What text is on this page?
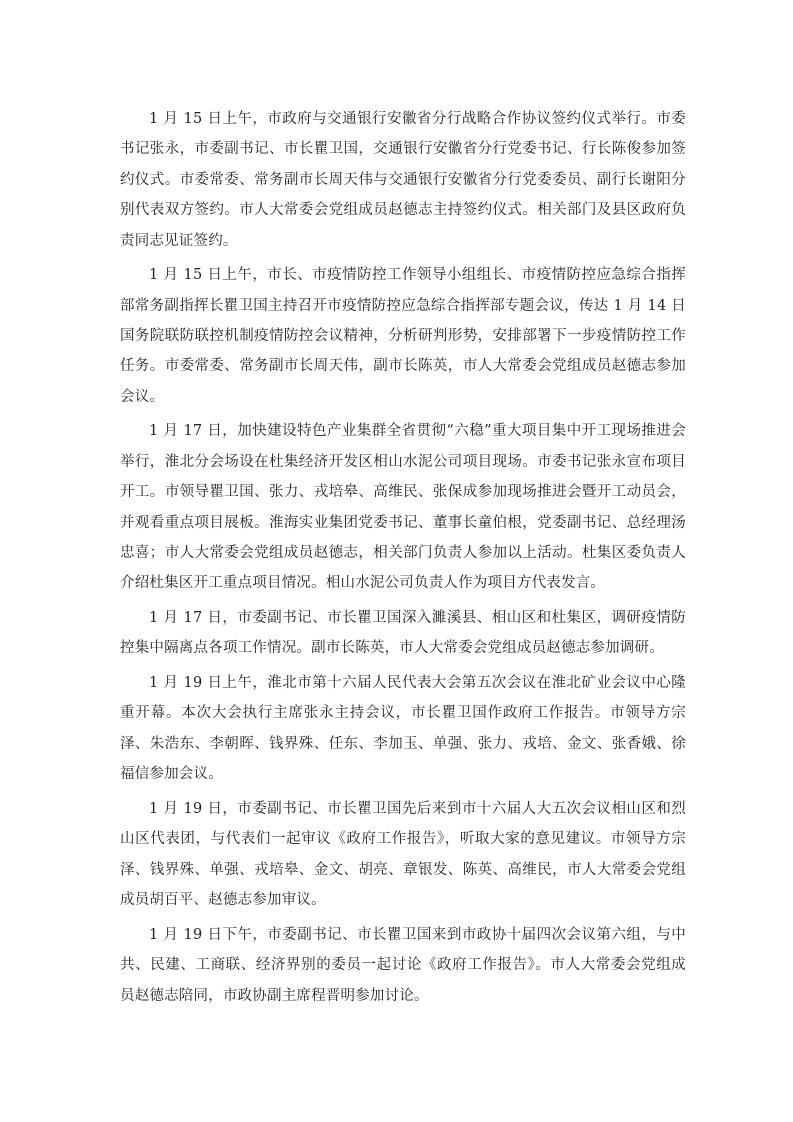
1 月 15 日上午，市政府与交通银行安徽省分行战略合作协议签约仪式举行。市委书记张永，市委副书记、市长瞿卫国，交通银行安徽省分行党委书记、行长陈俊参加签约仪式。市委常委、常务副市长周天伟与交通银行安徽省分行党委委员、副行长谢阳分别代表双方签约。市人大常委会党组成员赵德志主持签约仪式。相关部门及县区政府负责同志见证签约。

1 月 15 日上午，市长、市疫情防控工作领导小组组长、市疫情防控应急综合指挥部常务副指挥长瞿卫国主持召开市疫情防控应急综合指挥部专题会议，传达 1 月 14 日国务院联防联控机制疫情防控会议精神，分析研判形势，安排部署下一步疫情防控工作任务。市委常委、常务副市长周天伟，副市长陈英，市人大常委会党组成员赵德志参加会议。

1 月 17 日，加快建设特色产业集群全省贯彻“六稳”重大项目集中开工现场推进会举行，淮北分会场设在杜集经济开发区相山水泥公司项目现场。市委书记张永宣布项目开工。市领导瞿卫国、张力、戎培皋、高维民、张保成参加现场推进会暨开工动员会，并观看重点项目展板。淮海实业集团党委书记、董事长童伯根，党委副书记、总经理汤忠喜；市人大常委会党组成员赵德志，相关部门负责人参加以上活动。杜集区委负责人介绍杜集区开工重点项目情况。相山水泥公司负责人作为项目方代表发言。

1 月 17 日，市委副书记、市长瞿卫国深入濉溪县、相山区和杜集区，调研疫情防控集中隔离点各项工作情况。副市长陈英，市人大常委会党组成员赵德志参加调研。

1 月 19 日上午，淮北市第十六届人民代表大会第五次会议在淮北矿业会议中心隆重开幕。本次大会执行主席张永主持会议，市长瞿卫国作政府工作报告。市领导方宗泽、朱浩东、李朝晖、钱界殊、任东、李加玉、单强、张力、戎培、金文、张香娥、徐福信参加会议。

1 月 19 日，市委副书记、市长瞿卫国先后来到市十六届人大五次会议相山区和烈山区代表团，与代表们一起审议《政府工作报告》，听取大家的意见建议。市领导方宗泽、钱界殊、单强、戎培皋、金文、胡亮、章银发、陈英、高维民，市人大常委会党组成员胡百平、赵德志参加审议。

1 月 19 日下午，市委副书记、市长瞿卫国来到市政协十届四次会议第六组，与中共、民建、工商联、经济界别的委员一起讨论《政府工作报告》。市人大常委会党组成员赵德志陪同，市政协副主席程晋明参加讨论。
